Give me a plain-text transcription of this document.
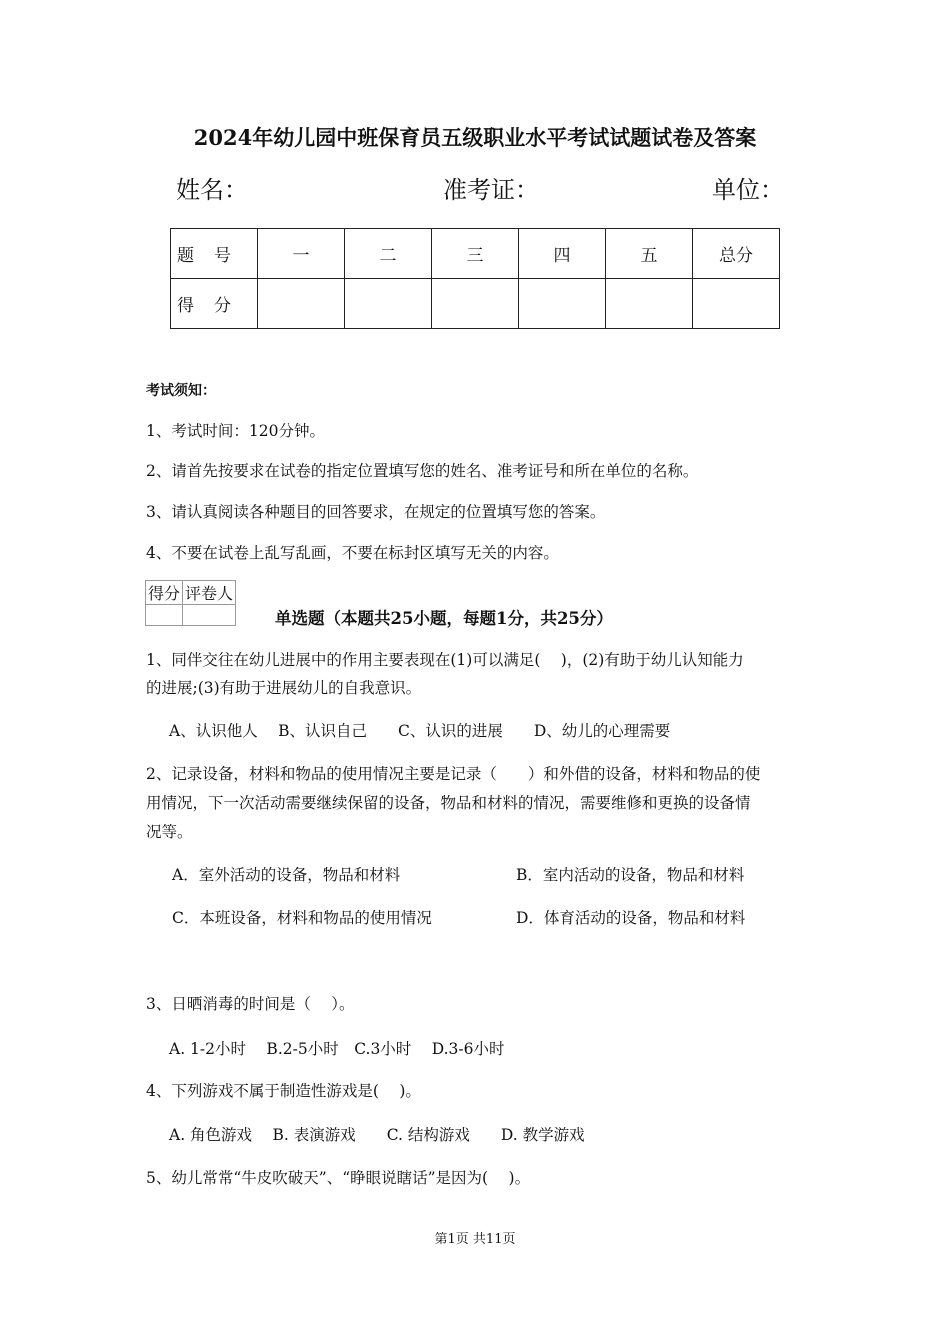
2024年幼儿园中班保育员五级职业水平考试试题试卷及答案
姓名：	准考证：	单位：
题号	一	二	三	四	五	总分
得分						
考试须知：
1、考试时间：120分钟。
2、请首先按要求在试卷的指定位置填写您的姓名、准考证号和所在单位的名称。
3、请认真阅读各种题目的回答要求，在规定的位置填写您的答案。
4、不要在试卷上乱写乱画，不要在标封区填写无关的内容。
得分	评卷人

单选题（本题共25小题，每题1分，共25分）
1、同伴交往在幼儿进展中的作用主要表现在(1)可以满足(　 )，(2)有助于幼儿认知能力
的进展;(3)有助于进展幼儿的自我意识。
A、认识他人　 B、认识自己　　C、认识的进展　　D、幼儿的心理需要
2、记录设备，材料和物品的使用情况主要是记录（　　）和外借的设备，材料和物品的使
用情况，下一次活动需要继续保留的设备，物品和材料的情况，需要维修和更换的设备情
况等。
A．室外活动的设备，物品和材料	B．室内活动的设备，物品和材料
C．本班设备，材料和物品的使用情况	D．体育活动的设备，物品和材料
3、日晒消毒的时间是（　 ）。
A. 1-2小时　 B.2-5小时　C.3小时　 D.3-6小时
4、下列游戏不属于制造性游戏是(　 )。
A. 角色游戏　 B. 表演游戏　　C. 结构游戏　　D. 教学游戏
5、幼儿常常“牛皮吹破天”、“睁眼说瞎话”是因为(　 )。
第1页 共11页
